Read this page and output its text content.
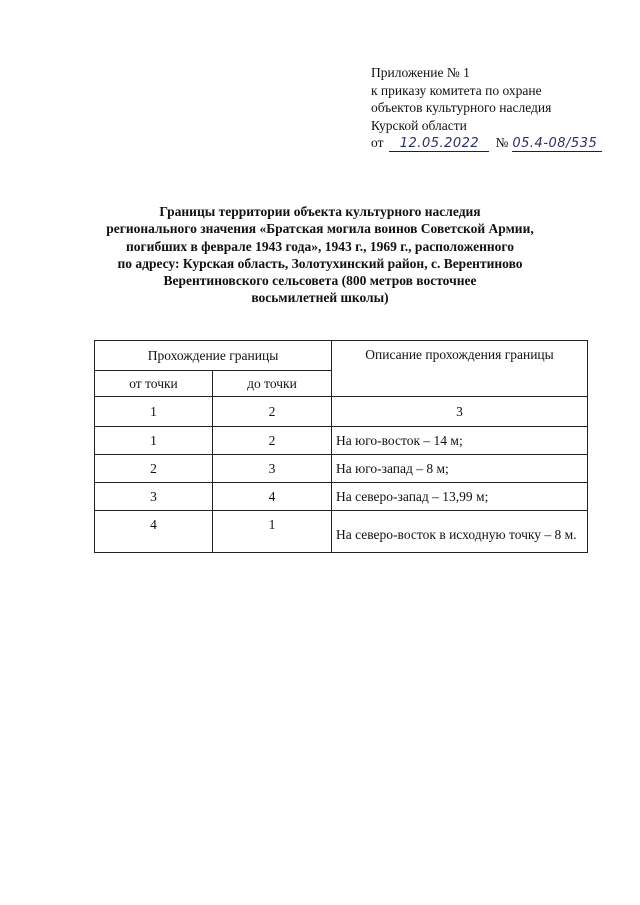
Приложение № 1
к приказу комитета по охране
объектов культурного наследия
Курской области
от	12.05.2022	№ 05.4-08/535
Границы территории объекта культурного наследия
регионального значения «Братская могила воинов Советской Армии,
погибших в феврале 1943 года», 1943 г., 1969 г., расположенного
по адресу: Курская область, Золотухинский район, с. Верентиново
Верентиновского сельсовета (800 метров восточнее
восьмилетней школы)
Прохождение границы		Описание прохождения границы
от точки	до точки	
1	2	3
1	2	На юго-восток – 14 м;
2	3	На юго-запад – 8 м;
3	4	На северо-запад – 13,99 м;
4	1	На северо-восток в исходную точку – 8 м.
